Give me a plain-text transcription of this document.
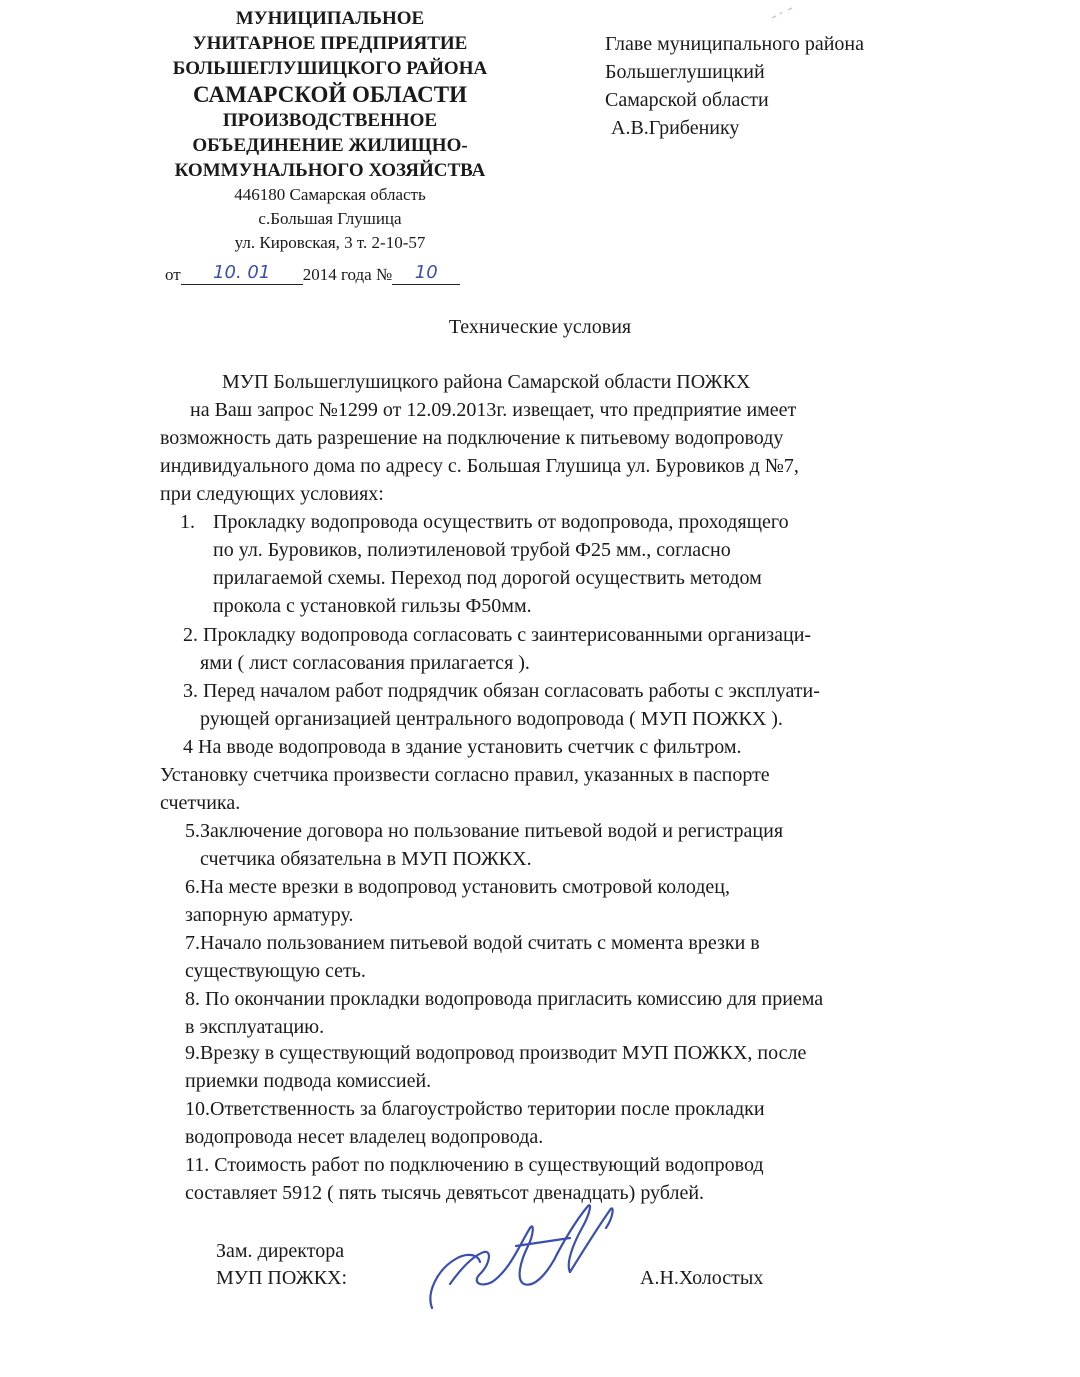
МУНИЦИПАЛЬНОЕ
УНИТАРНОЕ ПРЕДПРИЯТИЕ
БОЛЬШЕГЛУШИЦКОГО РАЙОНА
САМАРСКОЙ ОБЛАСТИ
ПРОИЗВОДСТВЕННОЕ
ОБЪЕДИНЕНИЕ ЖИЛИЩНО-
КОММУНАЛЬНОГО ХОЗЯЙСТВА
446180 Самарская область
с.Большая Глушица
ул. Кировская, 3 т. 2-10-57
от 10. 01 2014 года № 10
Главе муниципального района
Большеглушицкий
Самарской области
А.В.Грибенику
Технические условия
МУП Большеглушицкого района Самарской области ПОЖКХ
на Ваш запрос №1299 от 12.09.2013г. извещает, что предприятие имеет
возможность дать разрешение на подключение к питьевому водопроводу
индивидуального дома по адресу с. Большая Глушица ул. Буровиков д №7,
при следующих условиях:
1. Прокладку водопровода осуществить от водопровода, проходящего
по ул. Буровиков, полиэтиленовой трубой Ф25 мм., согласно
прилагаемой схемы. Переход под дорогой осуществить методом
прокола с установкой гильзы Ф50мм.
2. Прокладку водопровода согласовать с заинтерисованными организаци-
ями ( лист согласования прилагается ).
3. Перед началом работ подрядчик обязан согласовать работы с эксплуати-
рующей организацией центрального водопровода ( МУП ПОЖКХ ).
4 На вводе водопровода в здание установить счетчик с фильтром.
Установку счетчика произвести согласно правил, указанных в паспорте
счетчика.
5.Заключение договора но пользование питьевой водой и регистрация
счетчика обязательна в МУП ПОЖКХ.
6.На месте врезки в водопровод установить смотровой колодец,
запорную арматуру.
7.Начало пользованием питьевой водой считать с момента врезки в
существующую сеть.
8. По окончании прокладки водопровода пригласить комиссию для приема
в эксплуатацию.
9.Врезку в существующий водопровод производит МУП ПОЖКХ, после
приемки подвода комиссией.
10.Ответственность за благоустройство територии после прокладки
водопровода несет владелец водопровода.
11. Стоимость работ по подключению в существующий водопровод
составляет 5912 ( пять тысячь девятьсот двенадцать) рублей.
Зам. директора
МУП ПОЖКХ:	А.Н.Холостых
